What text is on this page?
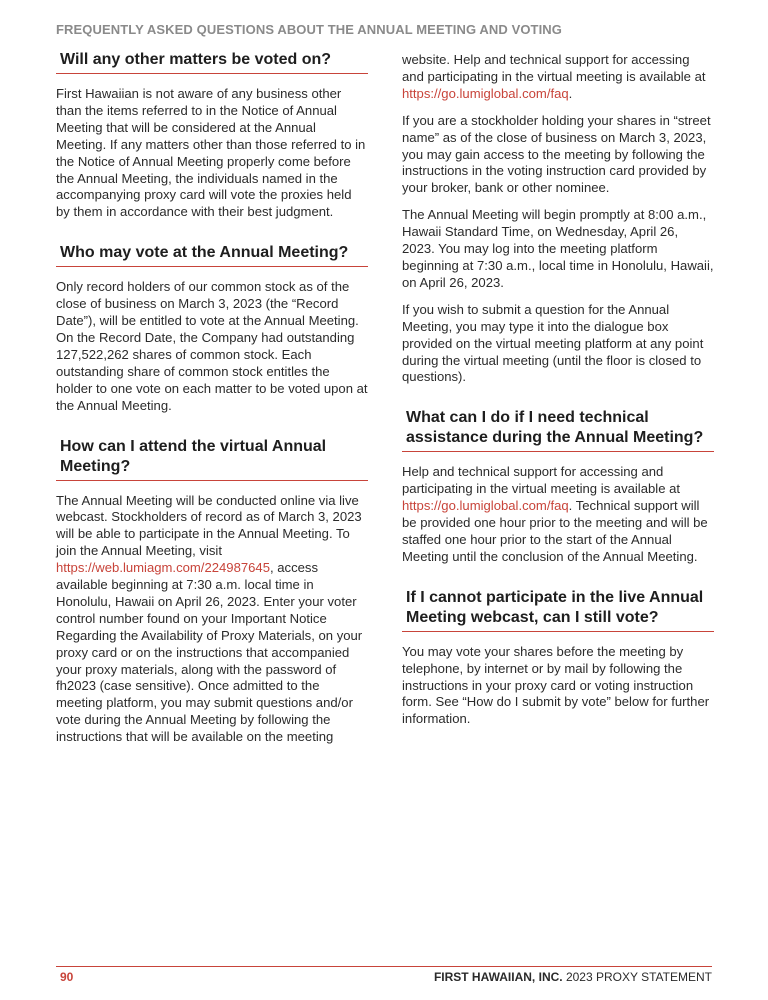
FREQUENTLY ASKED QUESTIONS ABOUT THE ANNUAL MEETING AND VOTING
Will any other matters be voted on?

First Hawaiian is not aware of any business other than the items referred to in the Notice of Annual Meeting that will be considered at the Annual Meeting. If any matters other than those referred to in the Notice of Annual Meeting properly come before the Annual Meeting, the individuals named in the accompanying proxy card will vote the proxies held by them in accordance with their best judgment.

Who may vote at the Annual Meeting?

Only record holders of our common stock as of the close of business on March 3, 2023 (the “Record Date”), will be entitled to vote at the Annual Meeting. On the Record Date, the Company had outstanding 127,522,262 shares of common stock. Each outstanding share of common stock entitles the holder to one vote on each matter to be voted upon at the Annual Meeting.

How can I attend the virtual Annual Meeting?

The Annual Meeting will be conducted online via live webcast. Stockholders of record as of March 3, 2023 will be able to participate in the Annual Meeting. To join the Annual Meeting, visit https://web.lumiagm.com/224987645, access available beginning at 7:30 a.m. local time in Honolulu, Hawaii on April 26, 2023. Enter your voter control number found on your Important Notice Regarding the Availability of Proxy Materials, on your proxy card or on the instructions that accompanied your proxy materials, along with the password of fh2023 (case sensitive). Once admitted to the meeting platform, you may submit questions and/or vote during the Annual Meeting by following the instructions that will be available on the meeting

website. Help and technical support for accessing and participating in the virtual meeting is available at https://go.lumiglobal.com/faq.

If you are a stockholder holding your shares in “street name” as of the close of business on March 3, 2023, you may gain access to the meeting by following the instructions in the voting instruction card provided by your broker, bank or other nominee.

The Annual Meeting will begin promptly at 8:00 a.m., Hawaii Standard Time, on Wednesday, April 26, 2023. You may log into the meeting platform beginning at 7:30 a.m., local time in Honolulu, Hawaii, on April 26, 2023.

If you wish to submit a question for the Annual Meeting, you may type it into the dialogue box provided on the virtual meeting platform at any point during the virtual meeting (until the floor is closed to questions).

What can I do if I need technical assistance during the Annual Meeting?

Help and technical support for accessing and participating in the virtual meeting is available at https://go.lumiglobal.com/faq. Technical support will be provided one hour prior to the meeting and will be staffed one hour prior to the start of the Annual Meeting until the conclusion of the Annual Meeting.

If I cannot participate in the live Annual Meeting webcast, can I still vote?

You may vote your shares before the meeting by telephone, by internet or by mail by following the instructions in your proxy card or voting instruction form. See “How do I submit by vote” below for further information.

90	FIRST HAWAIIAN, INC. 2023 PROXY STATEMENT
